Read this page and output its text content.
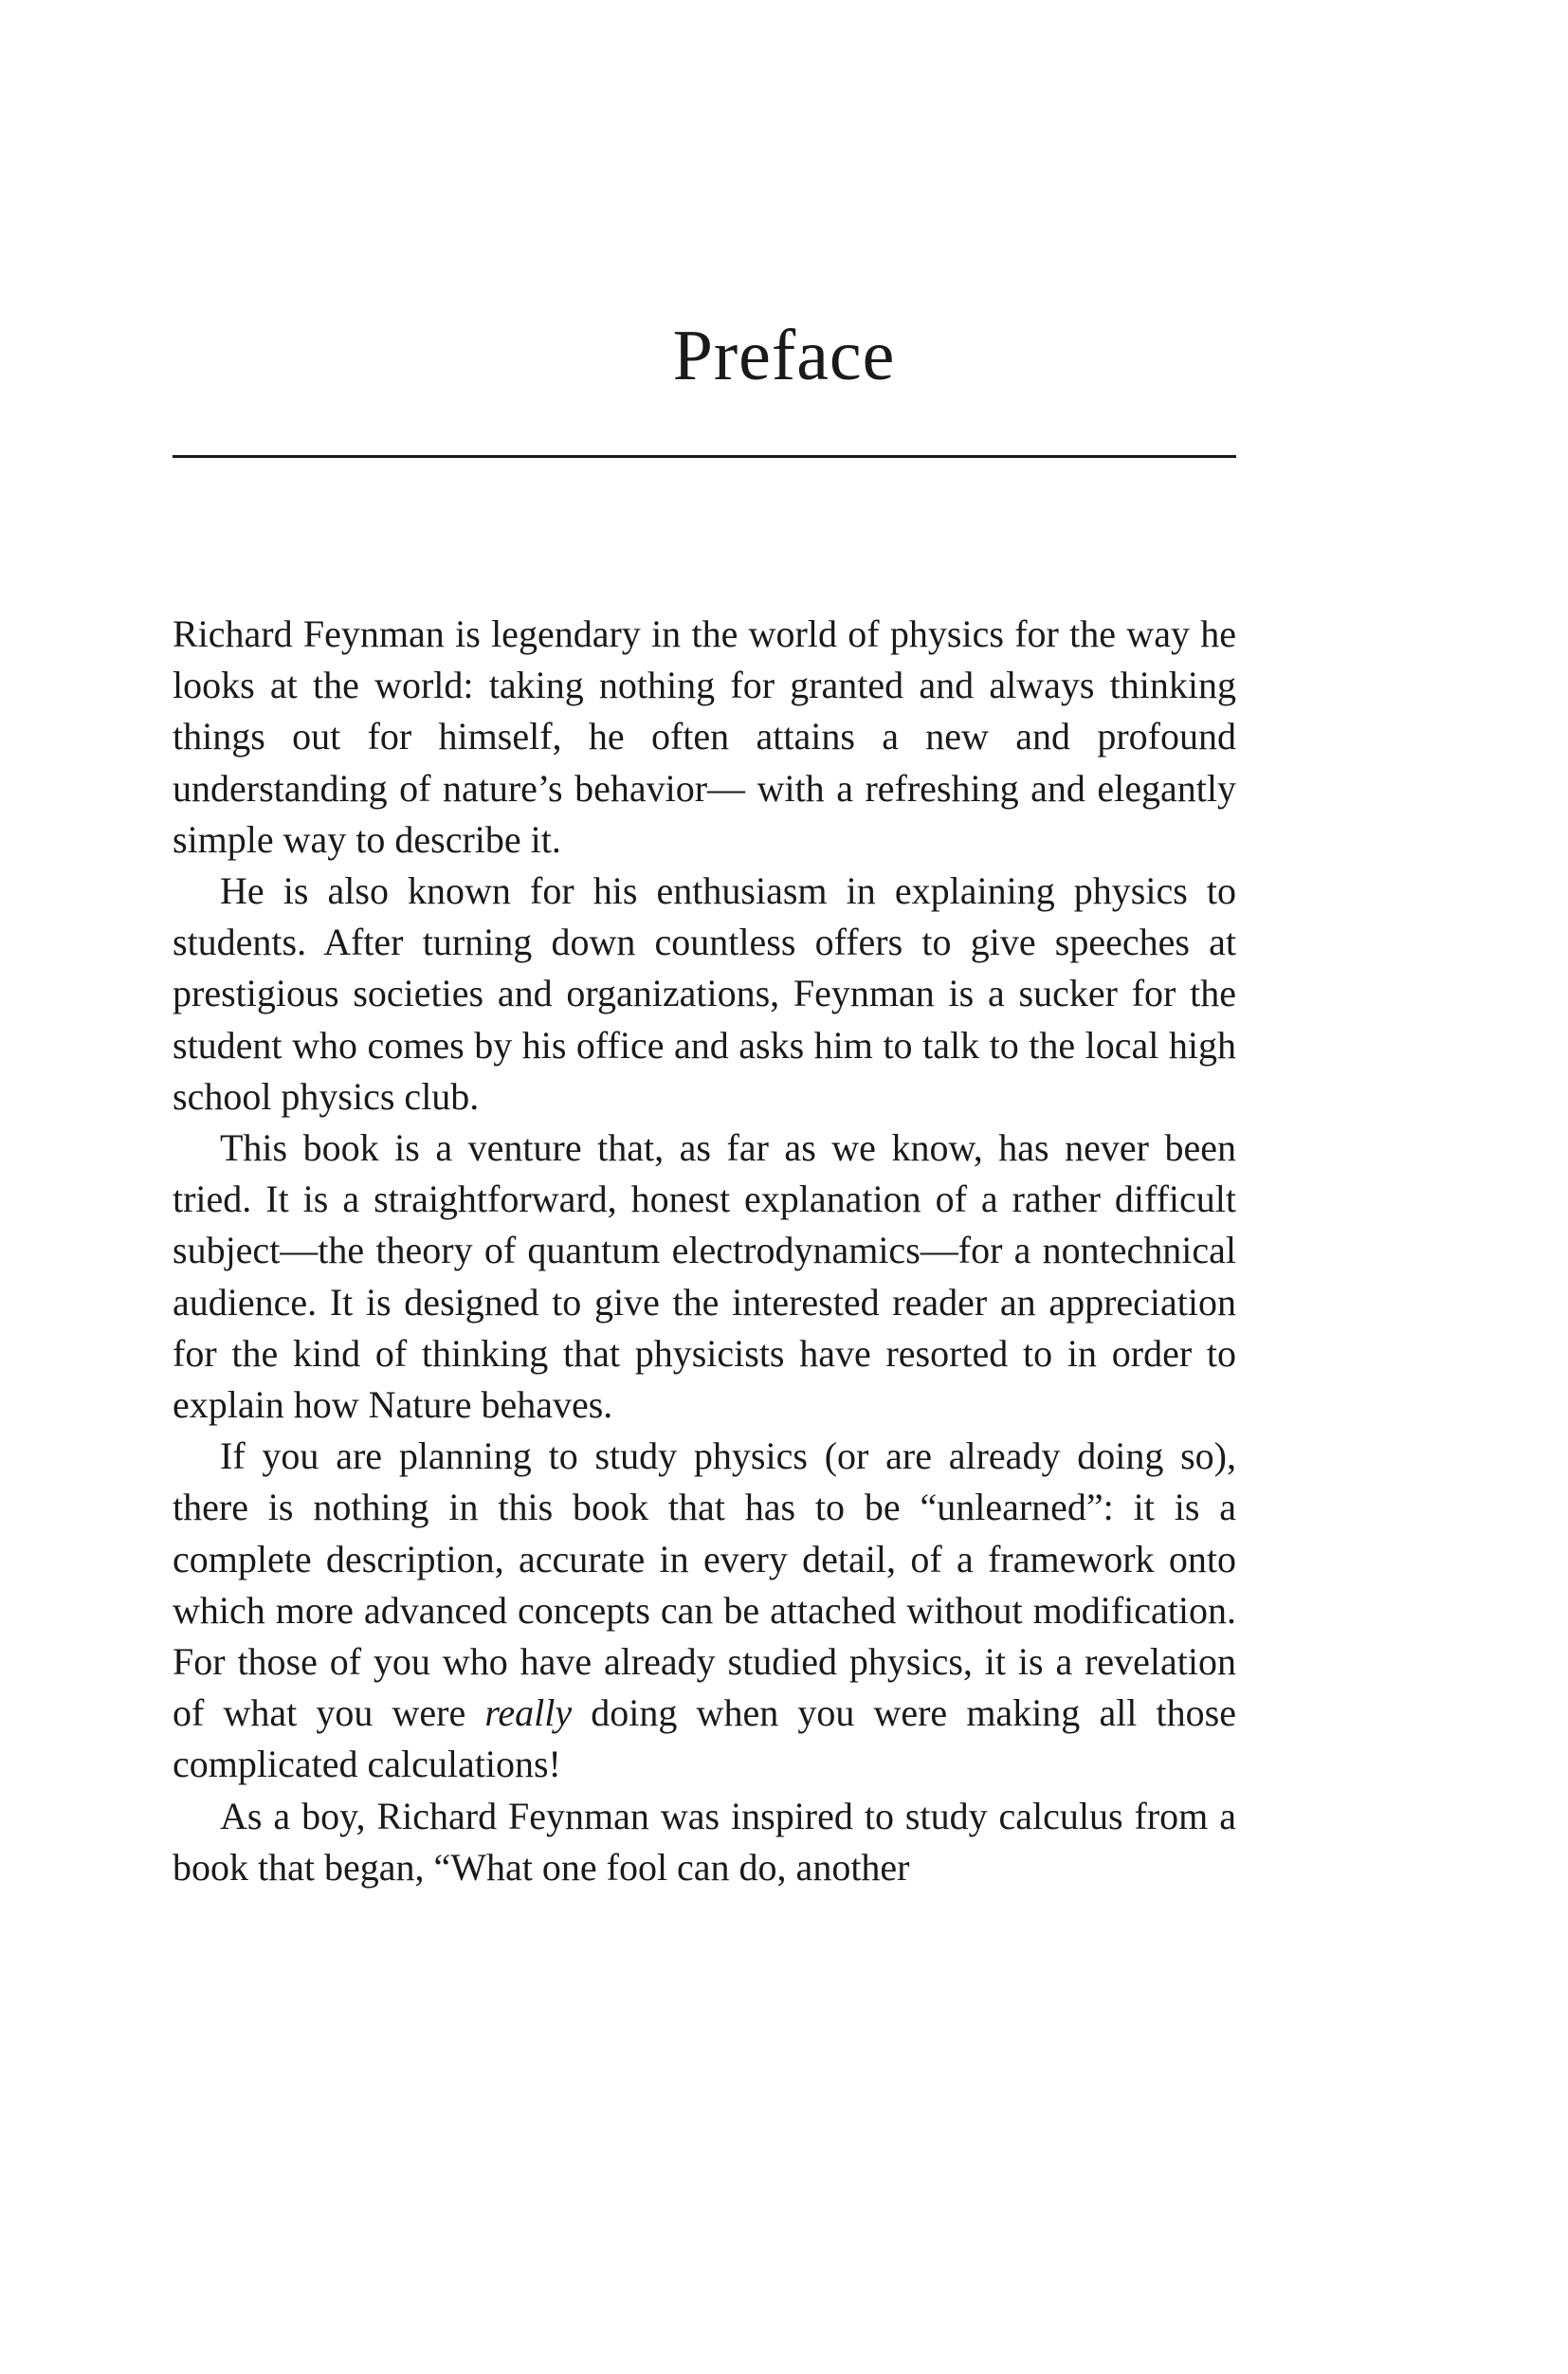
Preface

Richard Feynman is legendary in the world of physics for the way he looks at the world: taking nothing for granted and always thinking things out for himself, he often attains a new and profound understanding of nature’s behavior— with a refreshing and elegantly simple way to describe it.

He is also known for his enthusiasm in explaining physics to students. After turning down countless offers to give speeches at prestigious societies and organizations, Feynman is a sucker for the student who comes by his office and asks him to talk to the local high school physics club.

This book is a venture that, as far as we know, has never been tried. It is a straightforward, honest explanation of a rather difficult subject—the theory of quantum electrodynamics—for a nontechnical audience. It is designed to give the interested reader an appreciation for the kind of thinking that physicists have resorted to in order to explain how Nature behaves.

If you are planning to study physics (or are already doing so), there is nothing in this book that has to be “unlearned”: it is a complete description, accurate in every detail, of a framework onto which more advanced concepts can be attached without modification. For those of you who have already studied physics, it is a revelation of what you were really doing when you were making all those complicated calculations!

As a boy, Richard Feynman was inspired to study calculus from a book that began, “What one fool can do, another
